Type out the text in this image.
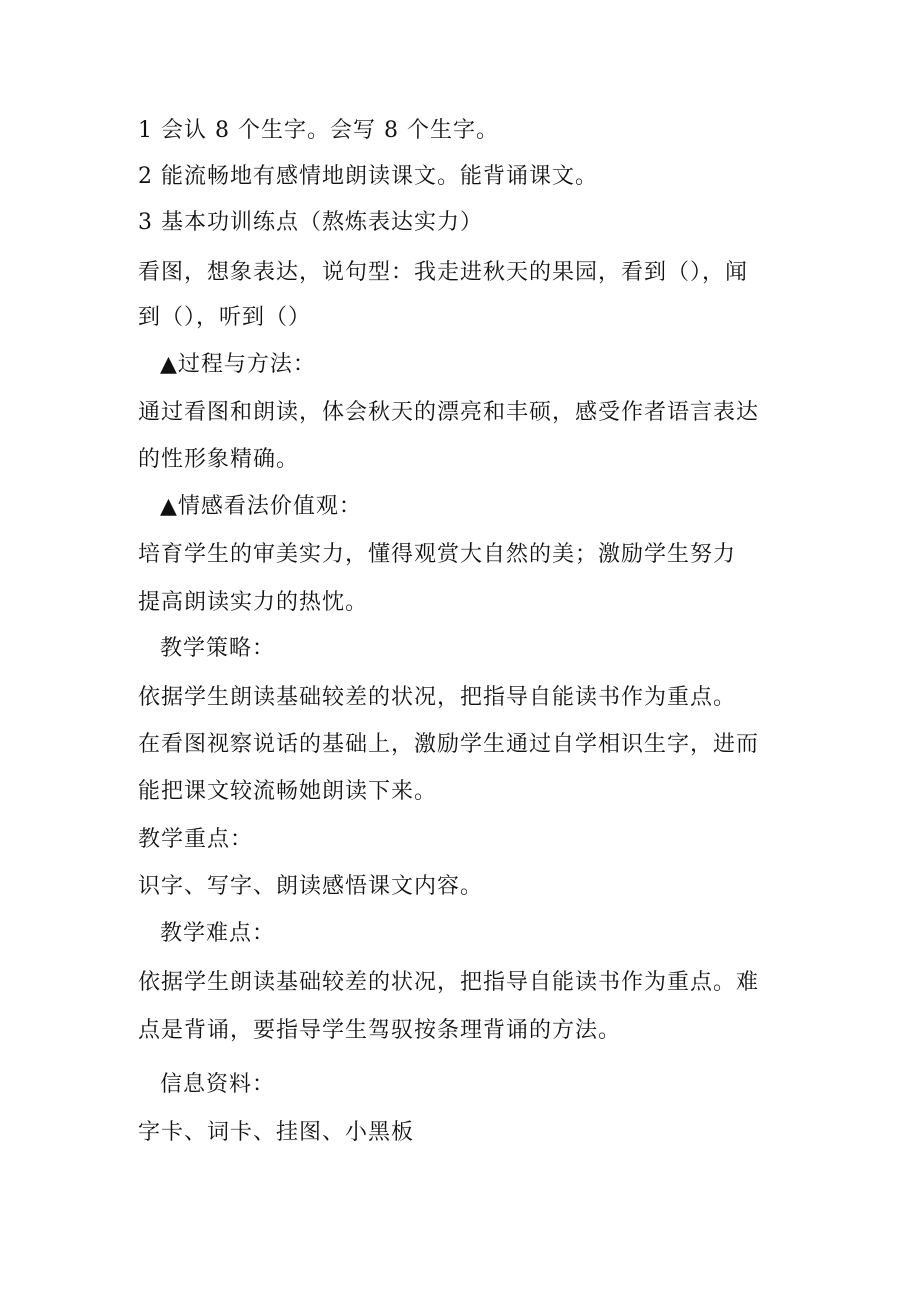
1 会认 8 个生字。会写 8 个生字。
2 能流畅地有感情地朗读课文。能背诵课文。
3 基本功训练点（熬炼表达实力）
看图，想象表达，说句型：我走进秋天的果园，看到（），闻
到（），听到（）
▲过程与方法：
通过看图和朗读，体会秋天的漂亮和丰硕，感受作者语言表达
的性形象精确。
▲情感看法价值观：
培育学生的审美实力，懂得观赏大自然的美；激励学生努力
提高朗读实力的热忱。
教学策略：
依据学生朗读基础较差的状况，把指导自能读书作为重点。
在看图视察说话的基础上，激励学生通过自学相识生字，进而
能把课文较流畅她朗读下来。
教学重点：
识字、写字、朗读感悟课文内容。
教学难点：
依据学生朗读基础较差的状况，把指导自能读书作为重点。难
点是背诵，要指导学生驾驭按条理背诵的方法。
信息资料：
字卡、词卡、挂图、小黑板
